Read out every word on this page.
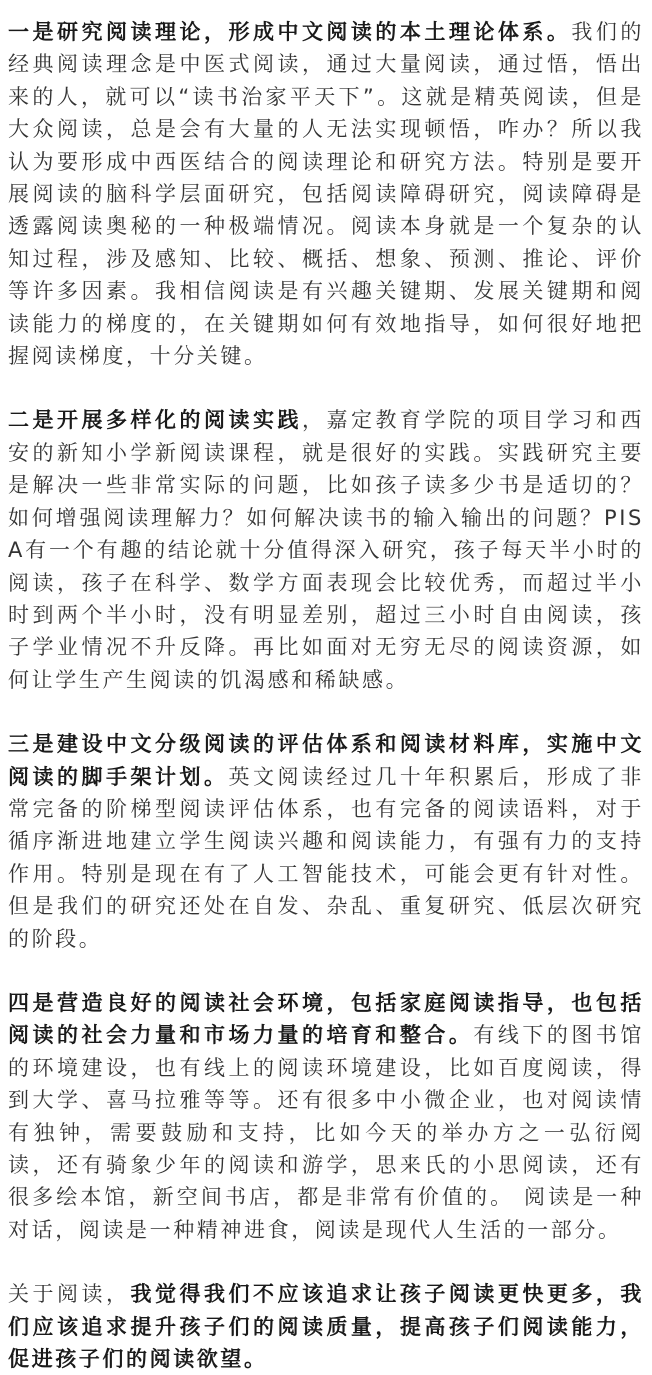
一是研究阅读理论，形成中文阅读的本土理论体系。我们的经典阅读理念是中医式阅读，通过大量阅读，通过悟，悟出来的人，就可以“读书治家平天下”。这就是精英阅读，但是大众阅读，总是会有大量的人无法实现顿悟，咋办？所以我认为要形成中西医结合的阅读理论和研究方法。特别是要开展阅读的脑科学层面研究，包括阅读障碍研究，阅读障碍是透露阅读奥秘的一种极端情况。阅读本身就是一个复杂的认知过程，涉及感知、比较、概括、想象、预测、推论、评价等许多因素。我相信阅读是有兴趣关键期、发展关键期和阅读能力的梯度的，在关键期如何有效地指导，如何很好地把握阅读梯度，十分关键。

二是开展多样化的阅读实践，嘉定教育学院的项目学习和西安的新知小学新阅读课程，就是很好的实践。实践研究主要是解决一些非常实际的问题，比如孩子读多少书是适切的？如何增强阅读理解力？如何解决读书的输入输出的问题？PISA有一个有趣的结论就十分值得深入研究，孩子每天半小时的阅读，孩子在科学、数学方面表现会比较优秀，而超过半小时到两个半小时，没有明显差别，超过三小时自由阅读，孩子学业情况不升反降。再比如面对无穷无尽的阅读资源，如何让学生产生阅读的饥渴感和稀缺感。

三是建设中文分级阅读的评估体系和阅读材料库，实施中文阅读的脚手架计划。英文阅读经过几十年积累后，形成了非常完备的阶梯型阅读评估体系，也有完备的阅读语料，对于循序渐进地建立学生阅读兴趣和阅读能力，有强有力的支持作用。特别是现在有了人工智能技术，可能会更有针对性。但是我们的研究还处在自发、杂乱、重复研究、低层次研究的阶段。

四是营造良好的阅读社会环境，包括家庭阅读指导，也包括阅读的社会力量和市场力量的培育和整合。有线下的图书馆的环境建设，也有线上的阅读环境建设，比如百度阅读，得到大学、喜马拉雅等等。还有很多中小微企业，也对阅读情有独钟，需要鼓励和支持，比如今天的举办方之一弘衍阅读，还有骑象少年的阅读和游学，思来氏的小思阅读，还有很多绘本馆，新空间书店，都是非常有价值的。 阅读是一种对话，阅读是一种精神进食，阅读是现代人生活的一部分。

关于阅读，我觉得我们不应该追求让孩子阅读更快更多，我们应该追求提升孩子们的阅读质量，提高孩子们阅读能力，促进孩子们的阅读欲望。
